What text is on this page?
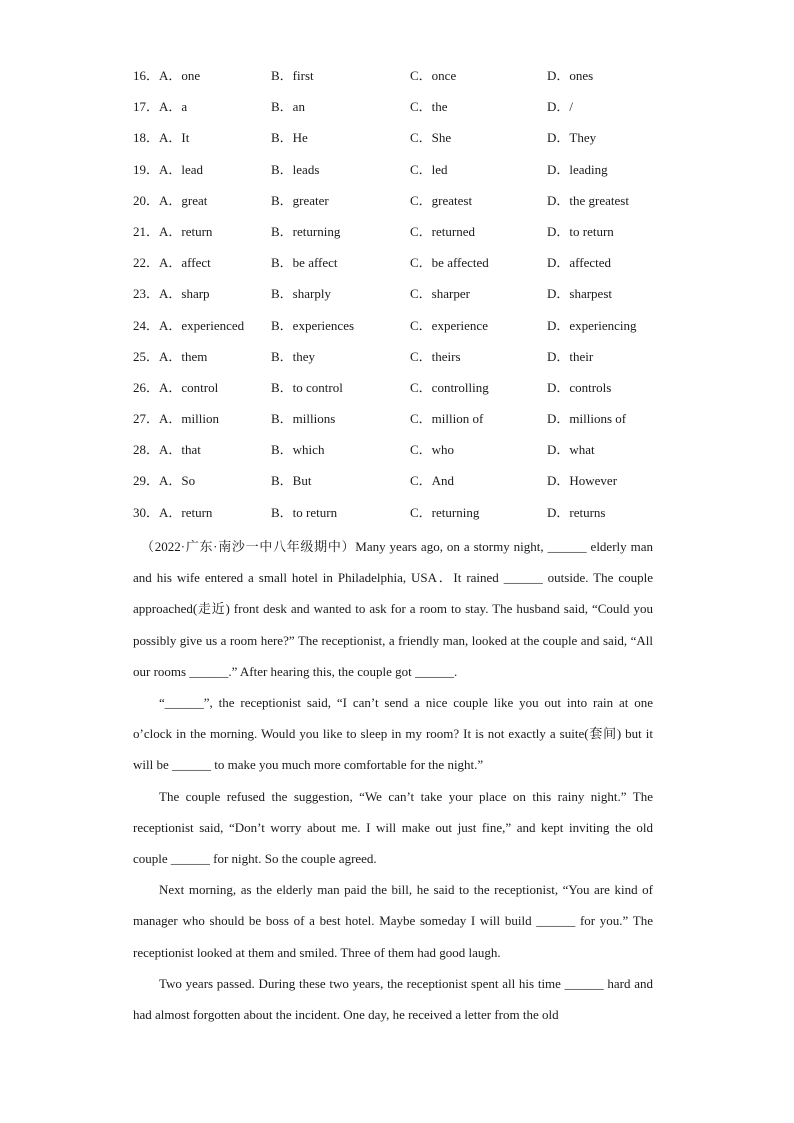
16． A．one	B．first	C．once	D．ones
17． A．a	B．an	C．the	D．/
18． A．It	B．He	C．She	D．They
19． A．lead	B．leads	C．led	D．leading
20． A．great	B．greater	C．greatest	D．the greatest
21． A．return	B．returning	C．returned	D．to return
22． A．affect	B．be affect	C．be affected	D．affected
23． A．sharp	B．sharply	C．sharper	D．sharpest
24． A．experienced B．experiences	C．experience	D．experiencing
25． A．them	B．they	C．theirs	D．their
26． A．control	B．to control	C．controlling	D．controls
27． A．million	B．millions	C．million of	D．millions of
28． A．that	B．which	C．who	D．what
29． A．So	B．But	C．And	D．However
30． A．return	B．to return	C．returning	D．returns

（2022·广东·南沙一中八年级期中）Many years ago, on a stormy night, ______ elderly man and his wife entered a small hotel in Philadelphia, USA．It rained ______ outside. The couple approached(走近) front desk and wanted to ask for a room to stay. The husband said, “Could you possibly give us a room here?” The receptionist, a friendly man, looked at the couple and said, “All our rooms ______.” After hearing this, the couple got ______.

“______”, the receptionist said, “I can’t send a nice couple like you out into rain at one o’clock in the morning. Would you like to sleep in my room? It is not exactly a suite(套间) but it will be ______ to make you much more comfortable for the night.”

The couple refused the suggestion, “We can’t take your place on this rainy night.” The receptionist said, “Don’t worry about me. I will make out just fine,” and kept inviting the old couple ______ for night. So the couple agreed.

Next morning, as the elderly man paid the bill, he said to the receptionist, “You are kind of manager who should be boss of a best hotel. Maybe someday I will build ______ for you.” The receptionist looked at them and smiled. Three of them had good laugh.

Two years passed. During these two years, the receptionist spent all his time ______ hard and had almost forgotten about the incident. One day, he received a letter from the old
